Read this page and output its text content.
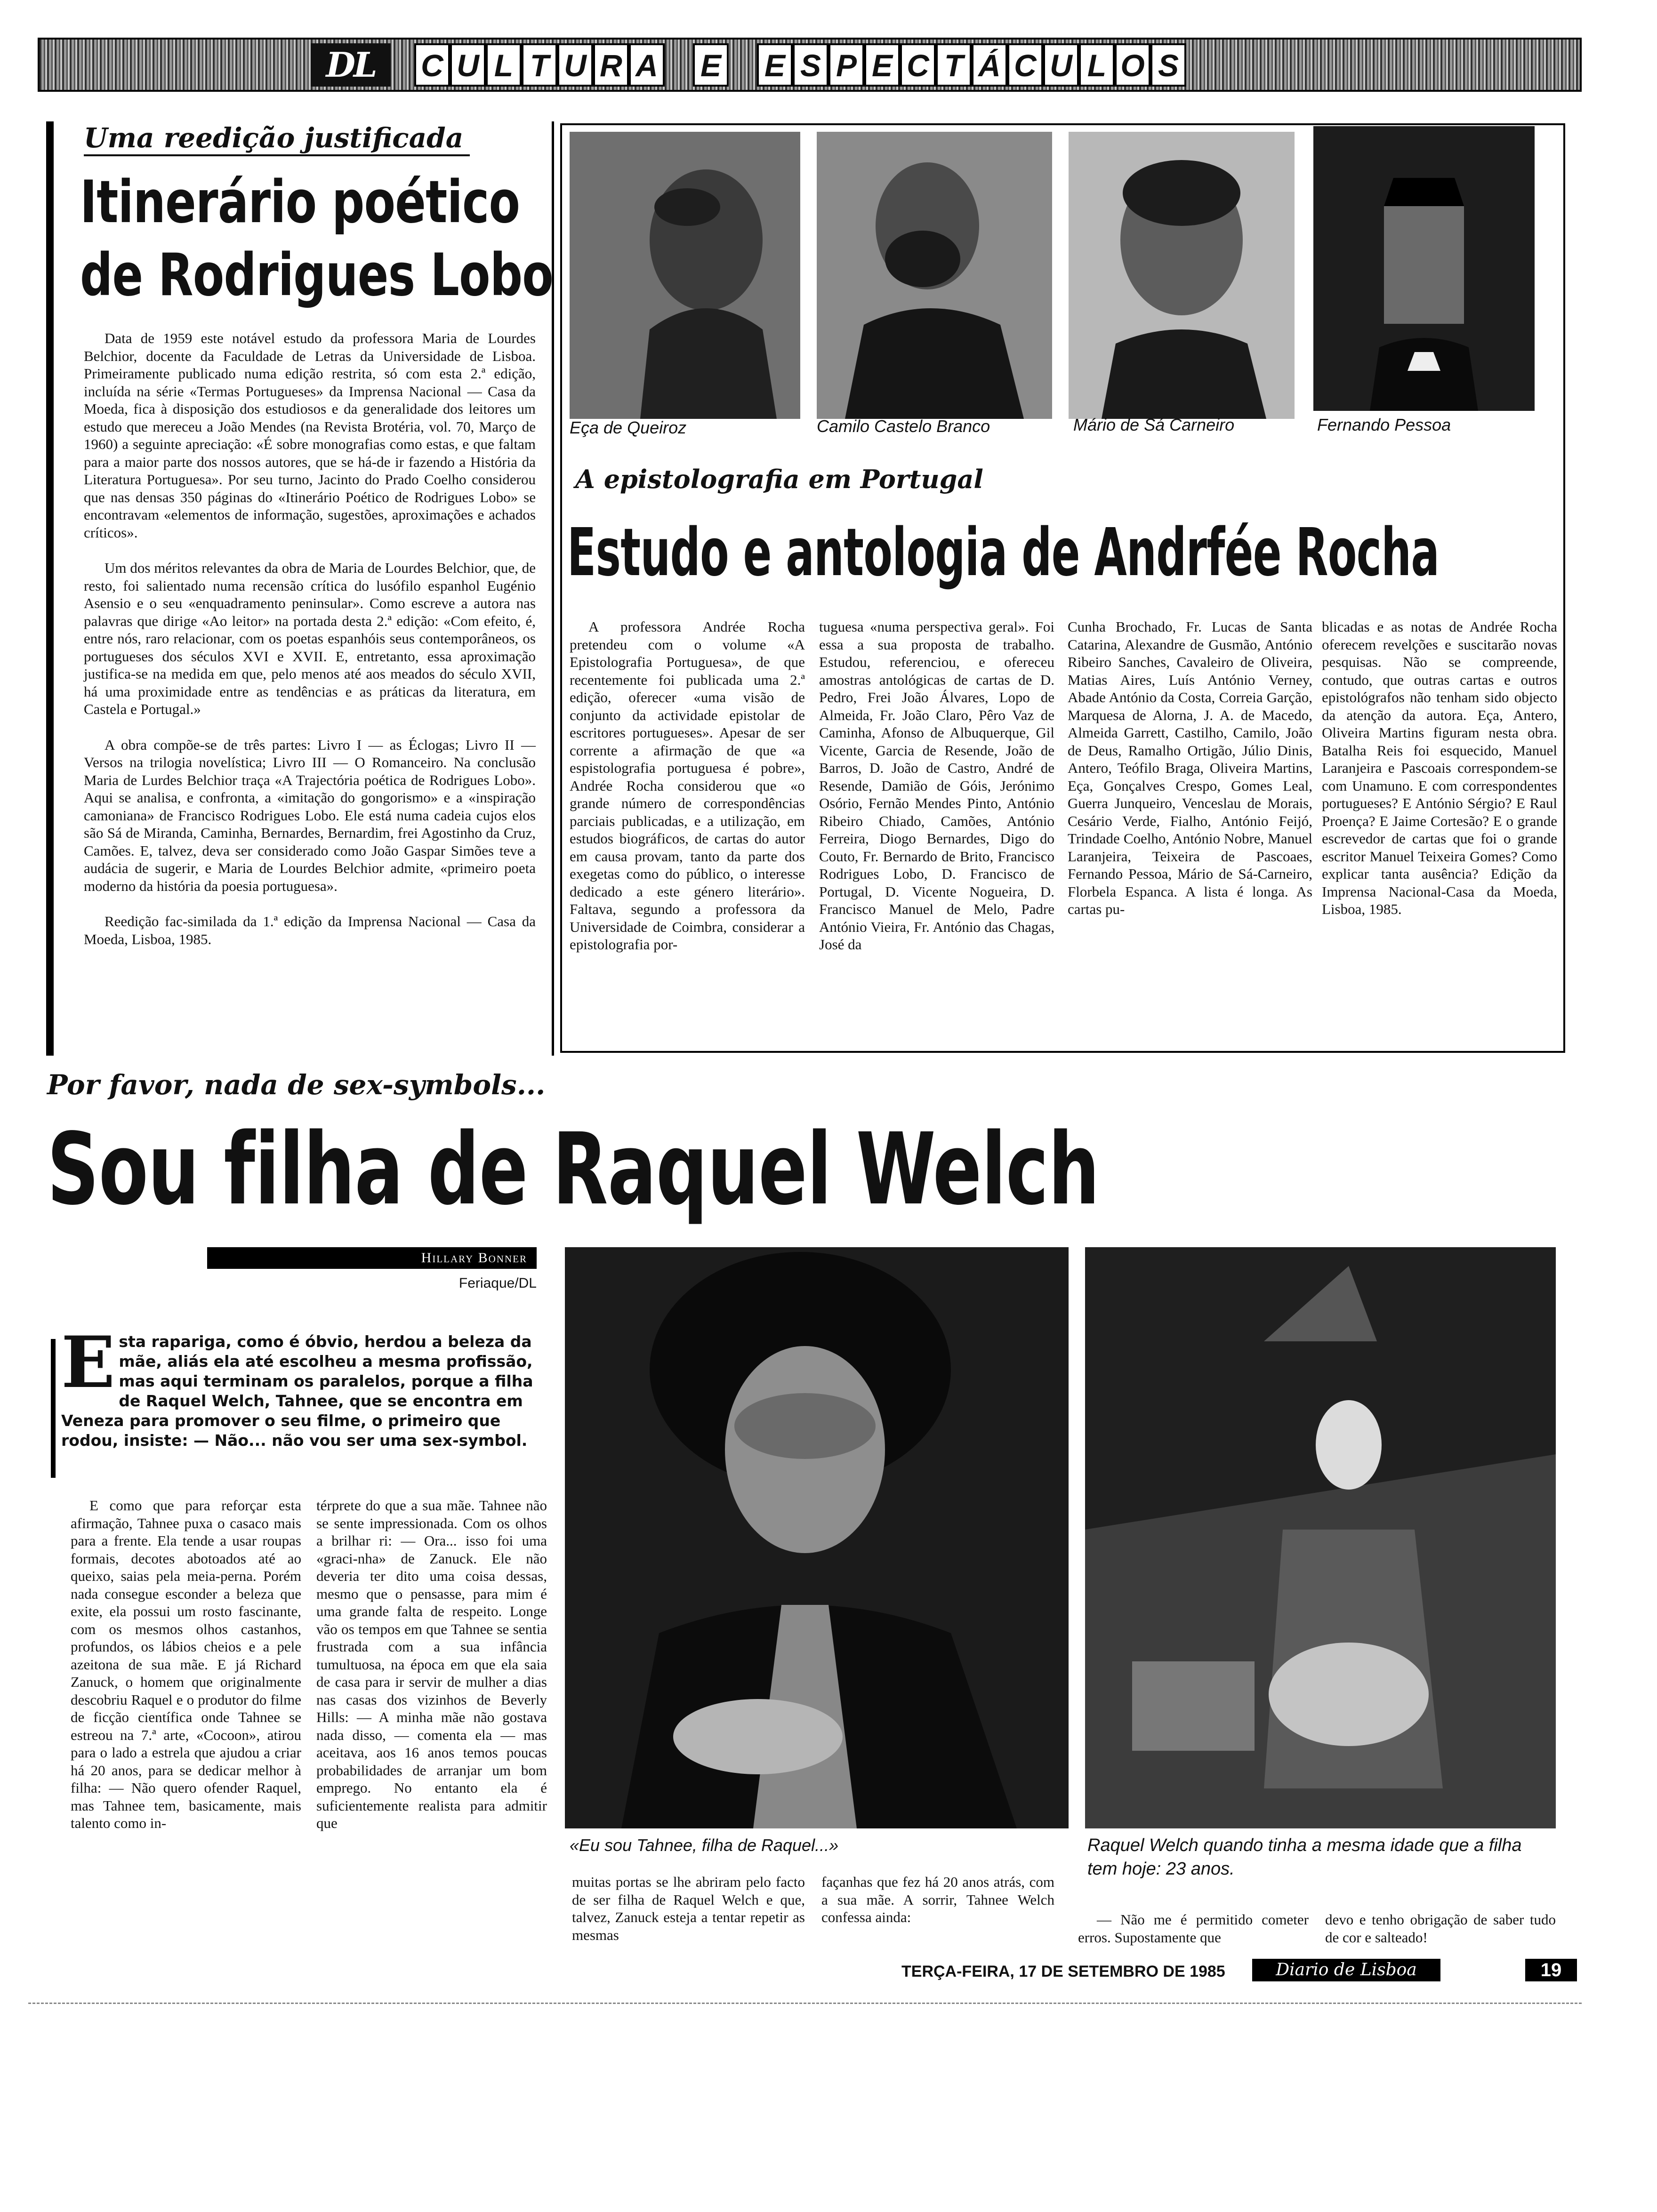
DL	C U L T U R A E E S P E C T Á C U L O S
Uma reedição justificada
Itinerário poético
de Rodrigues Lobo

Data de 1959 este notável estudo da professora Maria de Lourdes Belchior, docente da Faculdade de Letras da Universidade de Lisboa. Primeiramente publicado numa edição restrita, só com esta 2.ª edição, incluída na série «Termas Portugueses» da Imprensa Nacional — Casa da Moeda, fica à disposição dos estudiosos e da generalidade dos leitores um estudo que mereceu a João Mendes (na Revista Brotéria, vol. 70, Março de 1960) a seguinte apreciação: «É sobre monografias como estas, e que faltam para a maior parte dos nossos autores, que se há-de ir fazendo a História da Literatura Portuguesa». Por seu turno, Jacinto do Prado Coelho considerou que nas densas 350 páginas do «Itinerário Poético de Rodrigues Lobo» se encontravam «elementos de informação, sugestões, aproximações e achados críticos».

Um dos méritos relevantes da obra de Maria de Lourdes Belchior, que, de resto, foi salientado numa recensão crítica do lusófilo espanhol Eugénio Asensio e o seu «enquadramento peninsular». Como escreve a autora nas palavras que dirige «Ao leitor» na portada desta 2.ª edição: «Com efeito, é, entre nós, raro relacionar, com os poetas espanhóis seus contemporâneos, os portugueses dos séculos XVI e XVII. E, entretanto, essa aproximação justifica-se na medida em que, pelo menos até aos meados do século XVII, há uma proximidade entre as tendências e as práticas da literatura, em Castela e Portugal.»

A obra compõe-se de três partes: Livro I — as Éclogas; Livro II — Versos na trilogia novelística; Livro III — O Romanceiro. Na conclusão Maria de Lurdes Belchior traça «A Trajectória poética de Rodrigues Lobo». Aqui se analisa, e confronta, a «imitação do gongorismo» e a «inspiração camoniana» de Francisco Rodrigues Lobo. Ele está numa cadeia cujos elos são Sá de Miranda, Caminha, Bernardes, Bernardim, frei Agostinho da Cruz, Camões. E, talvez, deva ser considerado como João Gaspar Simões teve a audácia de sugerir, e Maria de Lourdes Belchior admite, «primeiro poeta moderno da história da poesia portuguesa».

Reedição fac-similada da 1.ª edição da Imprensa Nacional — Casa da Moeda, Lisboa, 1985.

Eça de Queiroz	Camilo Castelo Branco	Mário de Sá Carneiro	Fernando Pessoa
A epistolografia em Portugal
Estudo e antologia de Andrfée Rocha
A professora Andrée Rocha pretendeu com o volume «A Epistolografia Portuguesa», de que recentemente foi publicada uma 2.ª edição, oferecer «uma visão de conjunto da actividade epistolar de escritores portugueses». Apesar de ser corrente a afirmação de que «a espistolografia portuguesa é pobre», Andrée Rocha considerou que «o grande número de correspondências parciais publicadas, e a utilização, em estudos biográficos, de cartas do autor em causa provam, tanto da parte dos exegetas como do público, o interesse dedicado a este género literário». Faltava, segundo a professora da Universidade de Coimbra, considerar a epistolografia por-
tuguesa «numa perspectiva geral». Foi essa a sua proposta de trabalho. Estudou, referenciou, e ofereceu amostras antológicas de cartas de D. Pedro, Frei João Álvares, Lopo de Almeida, Fr. João Claro, Pêro Vaz de Caminha, Afonso de Albuquerque, Gil Vicente, Garcia de Resende, João de Barros, D. João de Castro, André de Resende, Damião de Góis, Jerónimo Osório, Fernão Mendes Pinto, António Ribeiro Chiado, Camões, António Ferreira, Diogo Bernardes, Digo do Couto, Fr. Bernardo de Brito, Francisco Rodrigues Lobo, D. Francisco de Portugal, D. Vicente Nogueira, D. Francisco Manuel de Melo, Padre António Vieira, Fr. António das Chagas, José da
Cunha Brochado, Fr. Lucas de Santa Catarina, Alexandre de Gusmão, António Ribeiro Sanches, Cavaleiro de Oliveira, Matias Aires, Luís António Verney, Abade António da Costa, Correia Garção, Marquesa de Alorna, J. A. de Macedo, Almeida Garrett, Castilho, Camilo, João de Deus, Ramalho Ortigão, Júlio Dinis, Antero, Teófilo Braga, Oliveira Martins, Eça, Gonçalves Crespo, Gomes Leal, Guerra Junqueiro, Venceslau de Morais, Cesário Verde, Fialho, António Feijó, Trindade Coelho, António Nobre, Manuel Laranjeira, Teixeira de Pascoaes, Fernando Pessoa, Mário de Sá-Carneiro, Florbela Espanca. A lista é longa. As cartas pu-
blicadas e as notas de Andrée Rocha oferecem revelções e suscitarão novas pesquisas. Não se compreende, contudo, que outras cartas e outros epistológrafos não tenham sido objecto da atenção da autora. Eça, Antero, Oliveira Martins figuram nesta obra. Batalha Reis foi esquecido, Manuel Laranjeira e Pascoais correspondem-se com Unamuno. E com correspondentes portugueses? E António Sérgio? E Raul Proença? E Jaime Cortesão? E o grande escrevedor de cartas que foi o grande escritor Manuel Teixeira Gomes? Como explicar tanta ausência? Edição da Imprensa Nacional-Casa da Moeda, Lisboa, 1985.
Por favor, nada de sex-symbols...
Sou filha de Raquel Welch
Hillary Bonner
Feriaque/DL
E sta rapariga, como é óbvio, herdou a beleza da mãe, aliás ela até escolheu a mesma profissão, mas aqui terminam os paralelos, porque a filha de Raquel Welch, Tahnee, que se encontra em Veneza para promover o seu filme, o primeiro que rodou, insiste: — Não... não vou ser uma sex-symbol.
E como que para reforçar esta afirmação, Tahnee puxa o casaco mais para a frente. Ela tende a usar roupas formais, decotes abotoados até ao queixo, saias pela meia-perna. Porém nada consegue esconder a beleza que exite, ela possui um rosto fascinante, com os mesmos olhos castanhos, profundos, os lábios cheios e a pele azeitona de sua mãe. E já Richard Zanuck, o homem que originalmente descobriu Raquel e o produtor do filme de ficção científica onde Tahnee se estreou na 7.ª arte, «Cocoon», atirou para o lado a estrela que ajudou a criar há 20 anos, para se dedicar melhor à filha: — Não quero ofender Raquel, mas Tahnee tem, basicamente, mais talento como in-
térprete do que a sua mãe. Tahnee não se sente impressionada. Com os olhos a brilhar ri: — Ora... isso foi uma «graci-nha» de Zanuck. Ele não deveria ter dito uma coisa dessas, mesmo que o pensasse, para mim é uma grande falta de respeito. Longe vão os tempos em que Tahnee se sentia frustrada com a sua infância tumultuosa, na época em que ela saia de casa para ir servir de mulher a dias nas casas dos vizinhos de Beverly Hills: — A minha mãe não gostava nada disso, — comenta ela — mas aceitava, aos 16 anos temos poucas probabilidades de arranjar um bom emprego. No entanto ela é suficientemente realista para admitir que
«Eu sou Tahnee, filha de Raquel...»	Raquel Welch quando tinha a mesma idade que a filha
tem hoje: 23 anos.
muitas portas se lhe abriram pelo facto de ser filha de Raquel Welch e que, talvez, Zanuck esteja a tentar repetir as mesmas
façanhas que fez há 20 anos atrás, com a sua mãe. A sorrir, Tahnee Welch confessa ainda:	— Não me é permitido cometer erros. Supostamente que
devo e tenho obrigação de saber tudo de cor e salteado!
TERÇA-FEIRA, 17 DE SETEMBRO DE 1985	Diario de Lisboa	19
